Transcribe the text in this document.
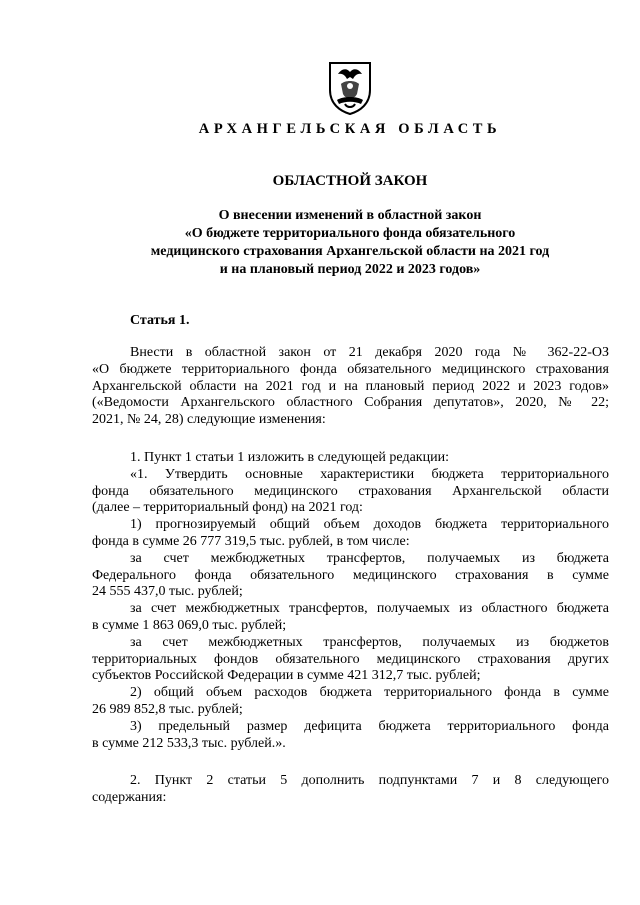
АРХАНГЕЛЬСКАЯ ОБЛАСТЬ
ОБЛАСТНОЙ ЗАКОН
О внесении изменений в областной закон
«О бюджете территориального фонда обязательного
медицинского страхования Архангельской области на 2021 год
и на плановый период 2022 и 2023 годов»
Статья 1.

Внести в областной закон от 21 декабря 2020 года № 362-22-ОЗ
«О бюджете территориального фонда обязательного медицинского страхования
Архангельской области на 2021 год и на плановый период 2022 и 2023 годов»
(«Ведомости Архангельского областного Собрания депутатов», 2020, № 22;
2021, № 24, 28) следующие изменения:

1. Пункт 1 статьи 1 изложить в следующей редакции:
«1. Утвердить основные характеристики бюджета территориального
фонда обязательного медицинского страхования Архангельской области
(далее – территориальный фонд) на 2021 год:
1) прогнозируемый общий объем доходов бюджета территориального
фонда в сумме 26 777 319,5 тыс. рублей, в том числе:
за счет межбюджетных трансфертов, получаемых из бюджета
Федерального фонда обязательного медицинского страхования в сумме
24 555 437,0 тыс. рублей;
за счет межбюджетных трансфертов, получаемых из областного бюджета
в сумме 1 863 069,0 тыс. рублей;
за счет межбюджетных трансфертов, получаемых из бюджетов
территориальных фондов обязательного медицинского страхования других
субъектов Российской Федерации в сумме 421 312,7 тыс. рублей;
2) общий объем расходов бюджета территориального фонда в сумме
26 989 852,8 тыс. рублей;
3) предельный размер дефицита бюджета территориального фонда
в сумме 212 533,3 тыс. рублей.».

2. Пункт 2 статьи 5 дополнить подпунктами 7 и 8 следующего
содержания:
